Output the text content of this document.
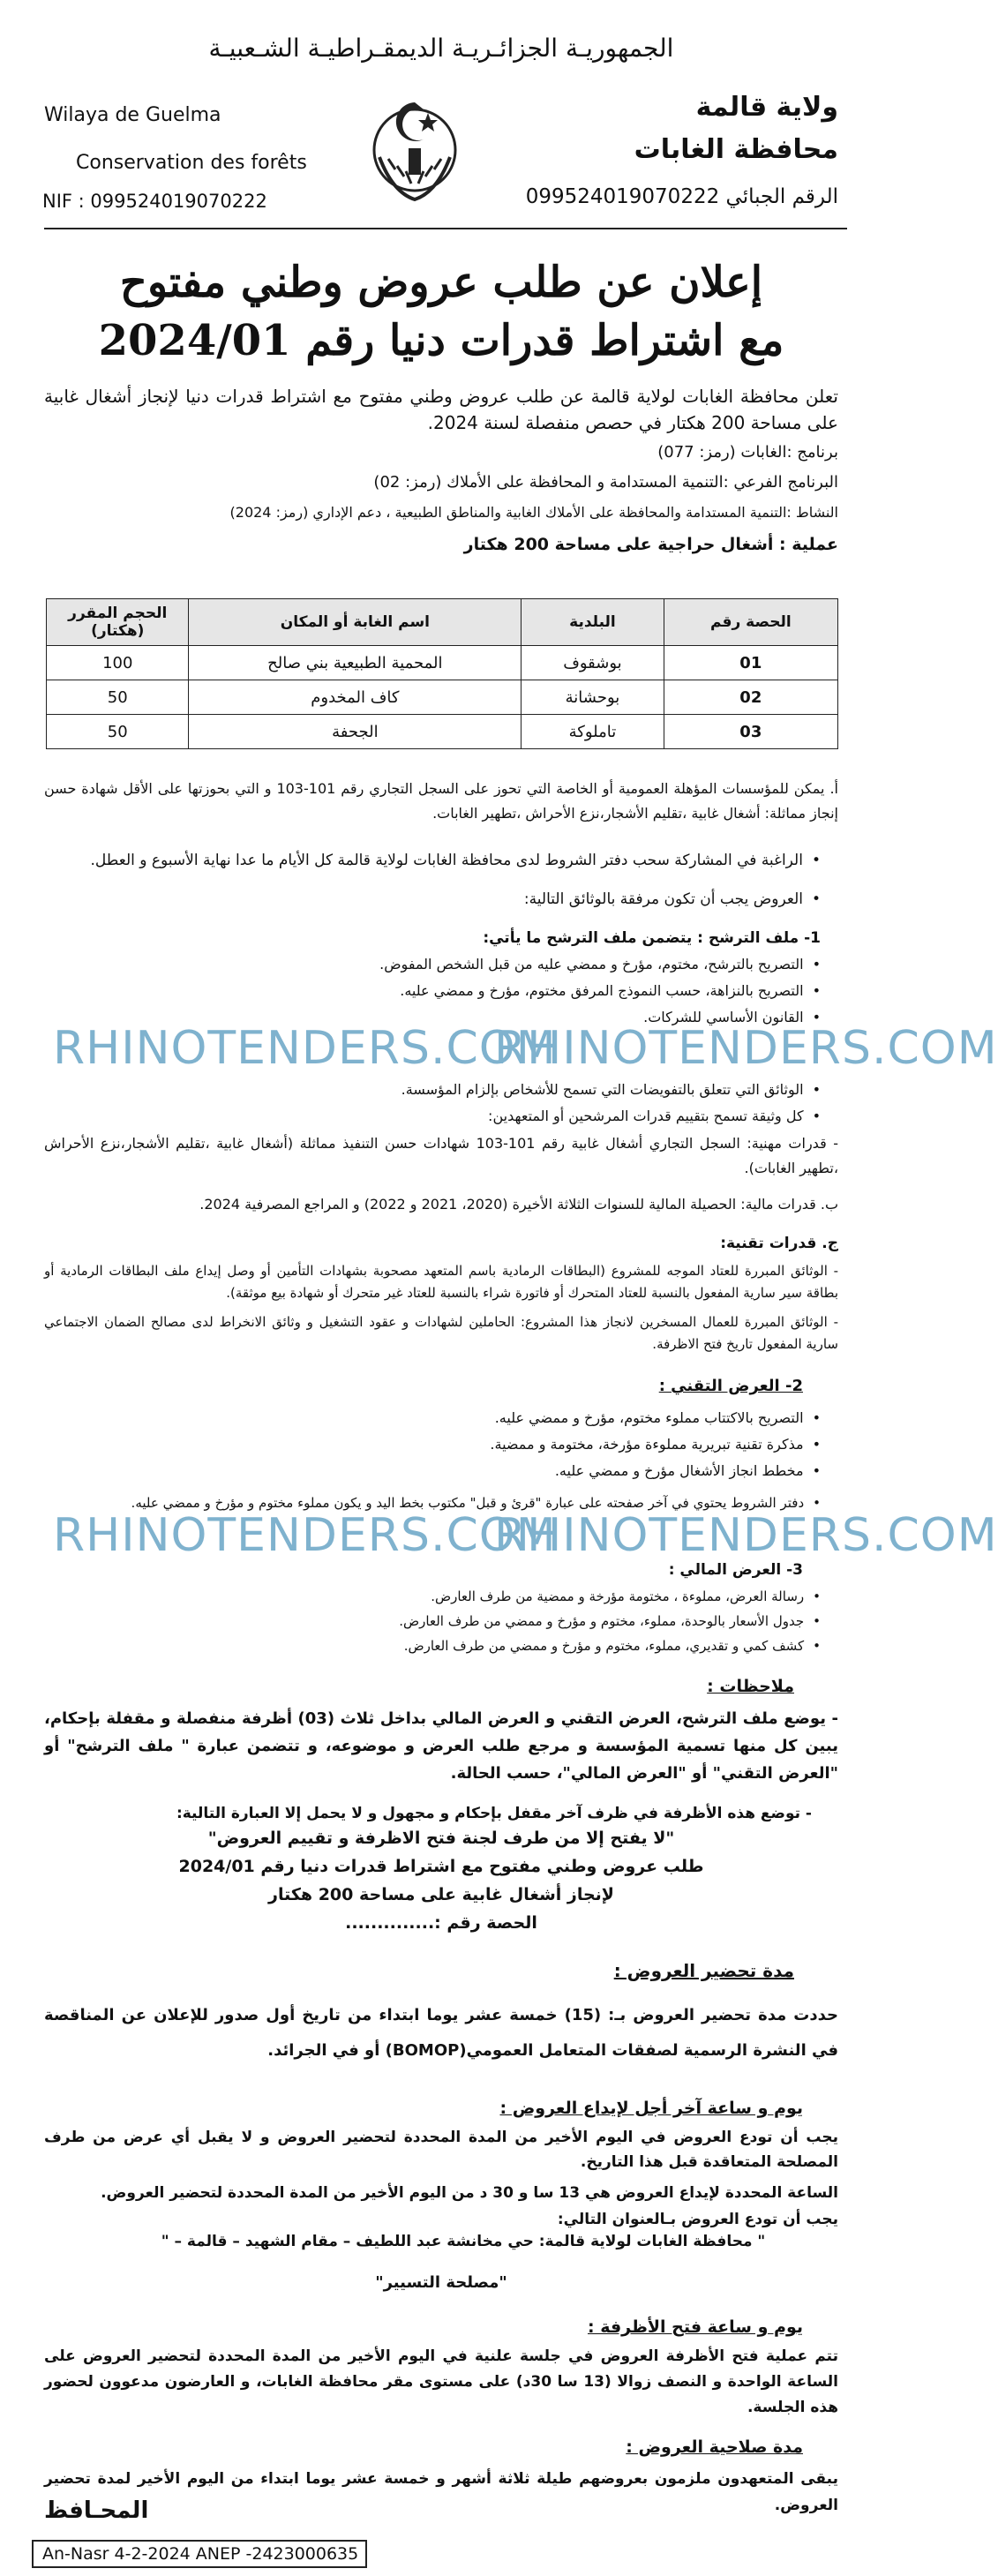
الجمهوريـة الجزائـريـة الديمقـراطيـة الشـعبيـة
Wilaya de Guelma
Conservation des forêts
NIF : 099524019070222
ولاية قالمة
محافظة الغابات
الرقم الجبائي 099524019070222
إعلان عن طلب عروض وطني مفتوح
مع اشتراط قدرات دنيا رقم 2024/01
تعلن محافظة الغابات لولاية قالمة عن طلب عروض وطني مفتوح مع اشتراط قدرات دنيا لإنجاز أشغال غابية على مساحة 200 هكتار في حصص منفصلة لسنة 2024.
برنامج :الغابات (رمز: 077)
البرنامج الفرعي :التنمية المستدامة و المحافظة على الأملاك (رمز: 02)
النشاط :التنمية المستدامة والمحافظة على الأملاك الغابية والمناطق الطبيعية ، دعم الإداري (رمز: 2024)
عملية : أشغال حراجية على مساحة 200 هكتار
الحصة رقم	البلدية	اسم الغابة أو المكان	الحجم المقرر (هكتار)
01	بوشقوف	المحمية الطبيعية بني صالح	100
02	بوحشانة	كاف المخدوم	50
03	تاملوكة	الجحفة	50
أ. يمكن للمؤسسات المؤهلة العمومية أو الخاصة التي تحوز على السجل التجاري رقم 101-103 و التي بحوزتها على الأقل شهادة حسن إنجاز مماثلة: أشغال غابية ،تقليم الأشجار،نزع الأحراش ،تطهير الغابات.
• الراغبة في المشاركة سحب دفتر الشروط لدى محافظة الغابات لولاية قالمة كل الأيام ما عدا نهاية الأسبوع و العطل.
• العروض يجب أن تكون مرفقة بالوثائق التالية:
1- ملف الترشح : يتضمن ملف الترشح ما يأتي:
• التصريح بالترشح، مختوم، مؤرخ و ممضي عليه من قبل الشخص المفوض.
• التصريح بالنزاهة، حسب النموذج المرفق مختوم، مؤرخ و ممضي عليه.
• القانون الأساسي للشركات.
RHINOTENDERS.COM
RHINOTENDERS.COM
• الوثائق التي تتعلق بالتفويضات التي تسمح للأشخاص بإلزام المؤسسة.
• كل وثيقة تسمح بتقييم قدرات المرشحين أو المتعهدين:
- قدرات مهنية: السجل التجاري أشغال غابية رقم 101-103 شهادات حسن التنفيذ مماثلة (أشغال غابية ،تقليم الأشجار،نزع الأحراش ،تطهير الغابات).
ب. قدرات مالية: الحصيلة المالية للسنوات الثلاثة الأخيرة (2020، 2021 و 2022) و المراجع المصرفية 2024.
ج. قدرات تقنية:
- الوثائق المبررة للعتاد الموجه للمشروع (البطاقات الرمادية باسم المتعهد مصحوبة بشهادات التأمين أو وصل إيداع ملف البطاقات الرمادية أو بطاقة سير سارية المفعول بالنسبة للعتاد المتحرك أو فاتورة شراء بالنسبة للعتاد غير متحرك أو شهادة بيع موثقة).
- الوثائق المبررة للعمال المسخرين لانجاز هذا المشروع: الحاملين لشهادات و عقود التشغيل و وثائق الانخراط لدى مصالح الضمان الاجتماعي سارية المفعول تاريخ فتح الاظرفة.
2- العرض التقني :
• التصريح بالاكتتاب مملوء مختوم، مؤرخ و ممضي عليه.
• مذكرة تقنية تبريرية مملوءة مؤرخة، مختومة و ممضية.
• مخطط انجاز الأشغال مؤرخ و ممضي عليه.
• دفتر الشروط يحتوي في آخر صفحته على عبارة "قرئ و قبل" مكتوب بخط اليد و يكون مملوء مختوم و مؤرخ و ممضي عليه.
RHINOTENDERS.COM
RHINOTENDERS.COM
3- العرض المالي :
• رسالة العرض، مملوءة ، مختومة مؤرخة و ممضية من طرف العارض.
• جدول الأسعار بالوحدة، مملوء، مختوم و مؤرخ و ممضي من طرف العارض.
• كشف كمي و تقديري، مملوء، مختوم و مؤرخ و ممضي من طرف العارض.
ملاحظات :
- يوضع ملف الترشح، العرض التقني و العرض المالي بداخل ثلاث (03) أظرفة منفصلة و مقفلة بإحكام، يبين كل منها تسمية المؤسسة و مرجع طلب العرض و موضوعه، و تتضمن عبارة " ملف الترشح" أو "العرض التقني" أو "العرض المالي"، حسب الحالة.
- توضع هذه الأظرفة في ظرف آخر مقفل بإحكام و مجهول و لا يحمل إلا العبارة التالية:
"لا يفتح إلا من طرف لجنة فتح الاظرفة و تقييم العروض"
طلب عروض وطني مفتوح مع اشتراط قدرات دنيا رقم 2024/01
لإنجاز أشغال غابية على مساحة 200 هكتار
الحصة رقم :..............
مدة تحضير العروض :
حددت مدة تحضير العروض بـ: (15) خمسة عشر يوما ابتداء من تاريخ أول صدور للإعلان عن المناقصة في النشرة الرسمية لصفقات المتعامل العمومي(BOMOP) أو في الجرائد.
يوم و ساعة آخر أجل لإيداع العروض :
يجب أن تودع العروض في اليوم الأخير من المدة المحددة لتحضير العروض و لا يقبل أي عرض من طرف المصلحة المتعاقدة قبل هذا التاريخ.
الساعة المحددة لإيداع العروض هي 13 سا و 30 د من اليوم الأخير من المدة المحددة لتحضير العروض.
يجب أن تودع العروض بـالعنوان التالي:
" محافظة الغابات لولاية قالمة: حي مخانشة عبد اللطيف – مقام الشهيد – قالمة – "
"مصلحة التسيير"
يوم و ساعة فتح الأظرفة :
تتم عملية فتح الأظرفة العروض في جلسة علنية في اليوم الأخير من المدة المحددة لتحضير العروض على الساعة الواحدة و النصف زوالا (13 سا 30د) على مستوى مقر محافظة الغابات، و العارضون مدعوون لحضور هذه الجلسة.
مدة صلاحية العروض :
يبقى المتعهدون ملزمون بعروضهم طيلة ثلاثة أشهر و خمسة عشر يوما ابتداء من اليوم الأخير لمدة تحضير العروض.
المحـافظ
An-Nasr 4-2-2024 ANEP -2423000635
